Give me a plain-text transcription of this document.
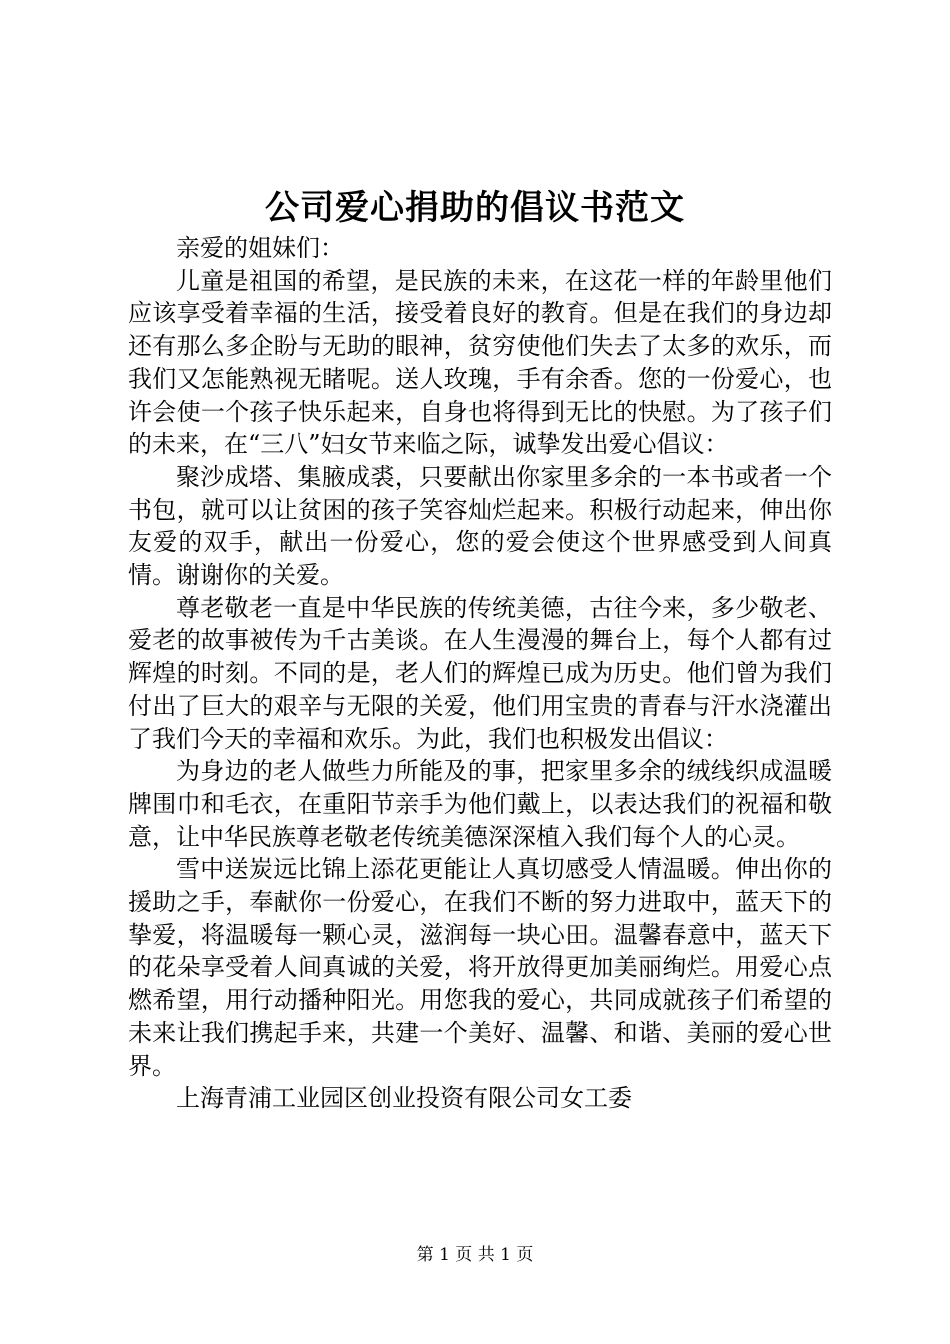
公司爱心捐助的倡议书范文

亲爱的姐妹们：

儿童是祖国的希望，是民族的未来，在这花一样的年龄里他们应该享受着幸福的生活，接受着良好的教育。但是在我们的身边却还有那么多企盼与无助的眼神，贫穷使他们失去了太多的欢乐，而我们又怎能熟视无睹呢。送人玫瑰，手有余香。您的一份爱心，也许会使一个孩子快乐起来，自身也将得到无比的快慰。为了孩子们的未来，在“三八”妇女节来临之际，诚挚发出爱心倡议：

聚沙成塔、集腋成裘，只要献出你家里多余的一本书或者一个书包，就可以让贫困的孩子笑容灿烂起来。积极行动起来，伸出你友爱的双手，献出一份爱心，您的爱会使这个世界感受到人间真情。谢谢你的关爱。

尊老敬老一直是中华民族的传统美德，古往今来，多少敬老、爱老的故事被传为千古美谈。在人生漫漫的舞台上，每个人都有过辉煌的时刻。不同的是，老人们的辉煌已成为历史。他们曾为我们付出了巨大的艰辛与无限的关爱，他们用宝贵的青春与汗水浇灌出了我们今天的幸福和欢乐。为此，我们也积极发出倡议：

为身边的老人做些力所能及的事，把家里多余的绒线织成温暖牌围巾和毛衣，在重阳节亲手为他们戴上，以表达我们的祝福和敬意，让中华民族尊老敬老传统美德深深植入我们每个人的心灵。

雪中送炭远比锦上添花更能让人真切感受人情温暖。伸出你的援助之手，奉献你一份爱心，在我们不断的努力进取中，蓝天下的挚爱，将温暖每一颗心灵，滋润每一块心田。温馨春意中，蓝天下的花朵享受着人间真诚的关爱，将开放得更加美丽绚烂。用爱心点燃希望，用行动播种阳光。用您我的爱心，共同成就孩子们希望的未来让我们携起手来，共建一个美好、温馨、和谐、美丽的爱心世界。

上海青浦工业园区创业投资有限公司女工委

第 1 页 共 1 页
